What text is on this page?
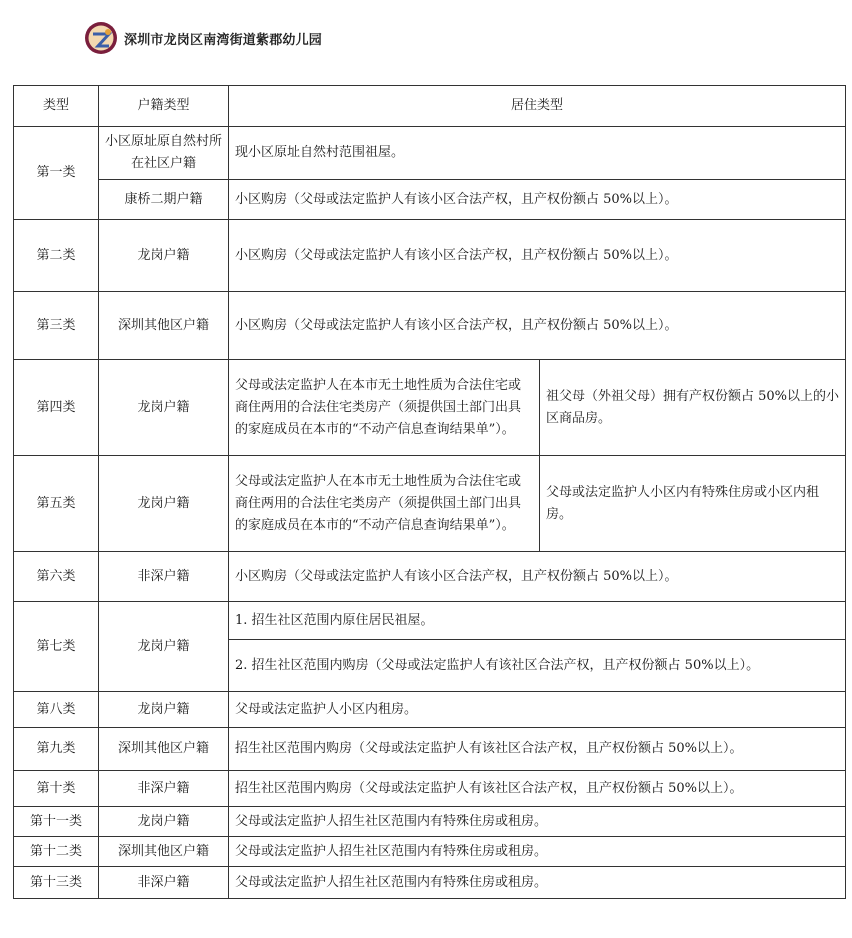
深圳市龙岗区南湾街道紫郡幼儿园
类型	户籍类型	居住类型	
第一类	小区原址原自然村所在社区户籍	现小区原址自然村范围祖屋。	
	康桥二期户籍	小区购房（父母或法定监护人有该小区合法产权，且产权份额占 50%以上）。	
第二类	龙岗户籍	小区购房（父母或法定监护人有该小区合法产权，且产权份额占 50%以上）。	
第三类	深圳其他区户籍	小区购房（父母或法定监护人有该小区合法产权，且产权份额占 50%以上）。	
第四类	龙岗户籍	父母或法定监护人在本市无土地性质为合法住宅或商住两用的合法住宅类房产（须提供国土部门出具的家庭成员在本市的“不动产信息查询结果单”）。	祖父母（外祖父母）拥有产权份额占 50%以上的小区商品房。
第五类	龙岗户籍	父母或法定监护人在本市无土地性质为合法住宅或商住两用的合法住宅类房产（须提供国土部门出具的家庭成员在本市的“不动产信息查询结果单”）。	父母或法定监护人小区内有特殊住房或小区内租房。
第六类	非深户籍	小区购房（父母或法定监护人有该小区合法产权，且产权份额占 50%以上）。	
第七类	龙岗户籍	1. 招生社区范围内原住居民祖屋。	
		2. 招生社区范围内购房（父母或法定监护人有该社区合法产权，且产权份额占 50%以上）。	
第八类	龙岗户籍	父母或法定监护人小区内租房。	
第九类	深圳其他区户籍	招生社区范围内购房（父母或法定监护人有该社区合法产权，且产权份额占 50%以上）。	
第十类	非深户籍	招生社区范围内购房（父母或法定监护人有该社区合法产权，且产权份额占 50%以上）。	
第十一类	龙岗户籍	父母或法定监护人招生社区范围内有特殊住房或租房。	
第十二类	深圳其他区户籍	父母或法定监护人招生社区范围内有特殊住房或租房。	
第十三类	非深户籍	父母或法定监护人招生社区范围内有特殊住房或租房。	
